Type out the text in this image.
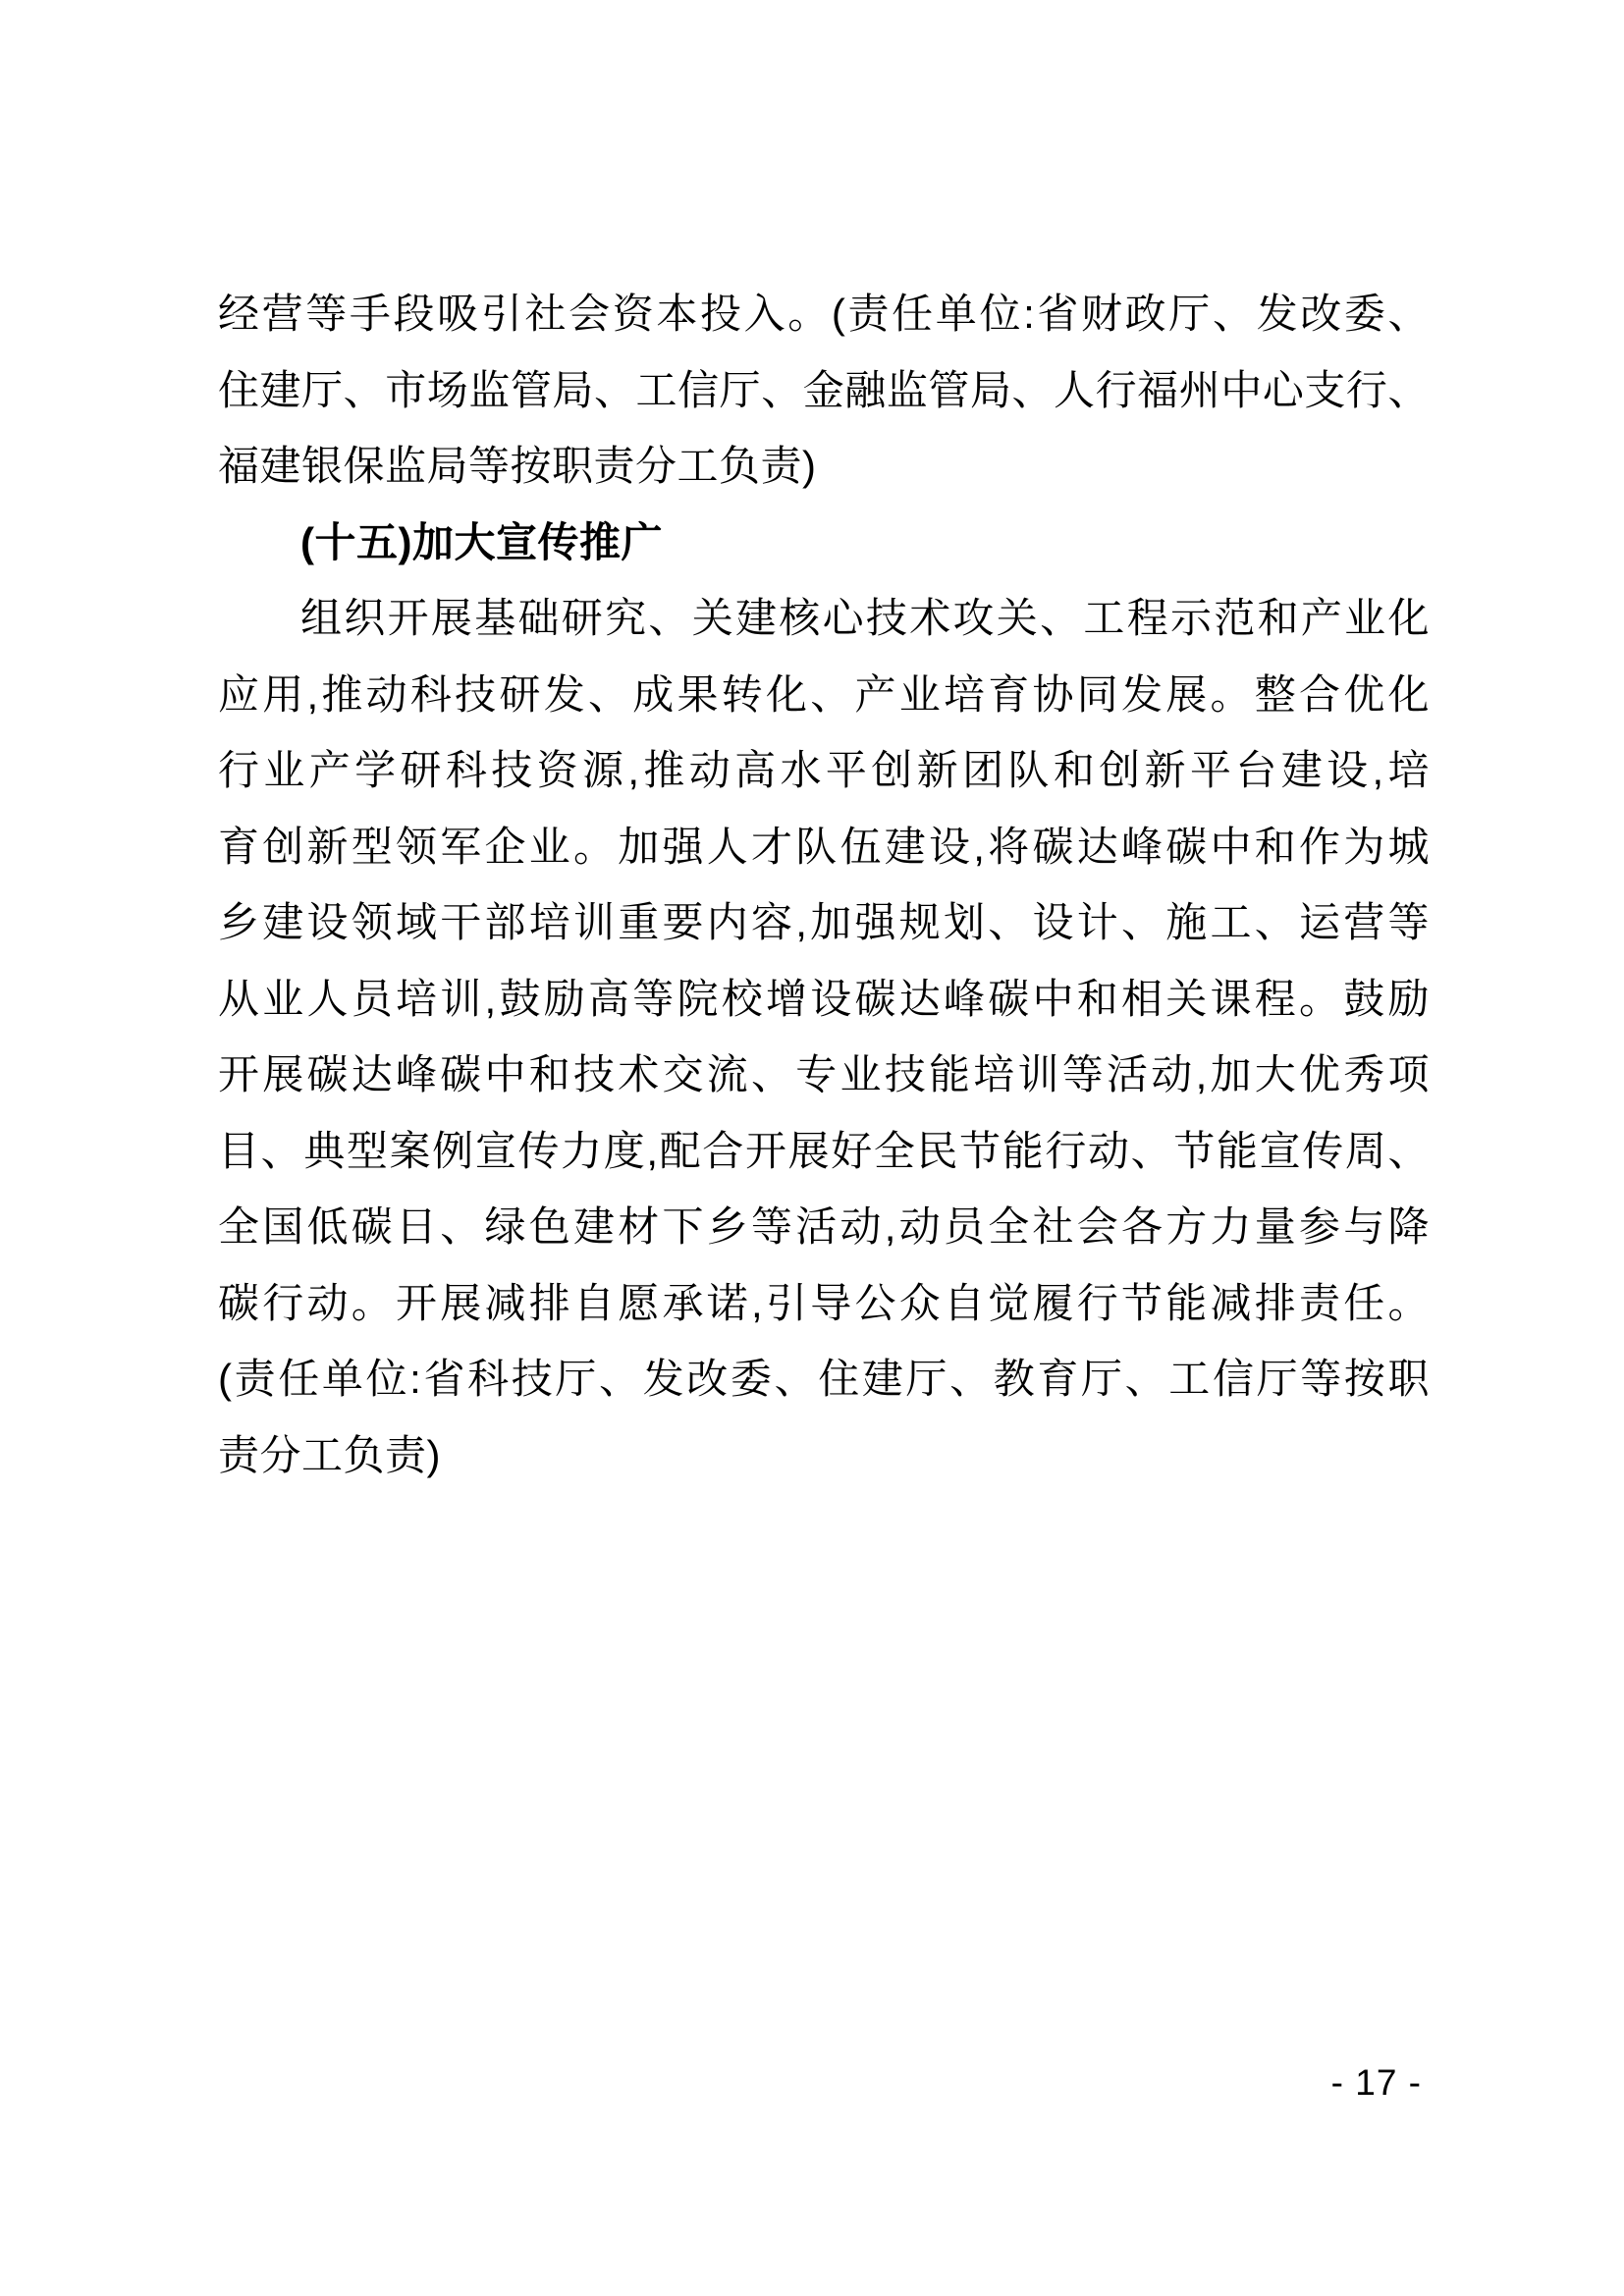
经营等手段吸引社会资本投入。(责任单位:省财政厅、发改委、
住建厅、市场监管局、工信厅、金融监管局、人行福州中心支行、
福建银保监局等按职责分工负责)
(十五)加大宣传推广
组织开展基础研究、关建核心技术攻关、工程示范和产业化
应用,推动科技研发、成果转化、产业培育协同发展。整合优化
行业产学研科技资源,推动高水平创新团队和创新平台建设,培
育创新型领军企业。加强人才队伍建设,将碳达峰碳中和作为城
乡建设领域干部培训重要内容,加强规划、设计、施工、运营等
从业人员培训,鼓励高等院校增设碳达峰碳中和相关课程。鼓励
开展碳达峰碳中和技术交流、专业技能培训等活动,加大优秀项
目、典型案例宣传力度,配合开展好全民节能行动、节能宣传周、
全国低碳日、绿色建材下乡等活动,动员全社会各方力量参与降
碳行动。开展减排自愿承诺,引导公众自觉履行节能减排责任。
(责任单位:省科技厅、发改委、住建厅、教育厅、工信厅等按职
责分工负责)
- 17 -
